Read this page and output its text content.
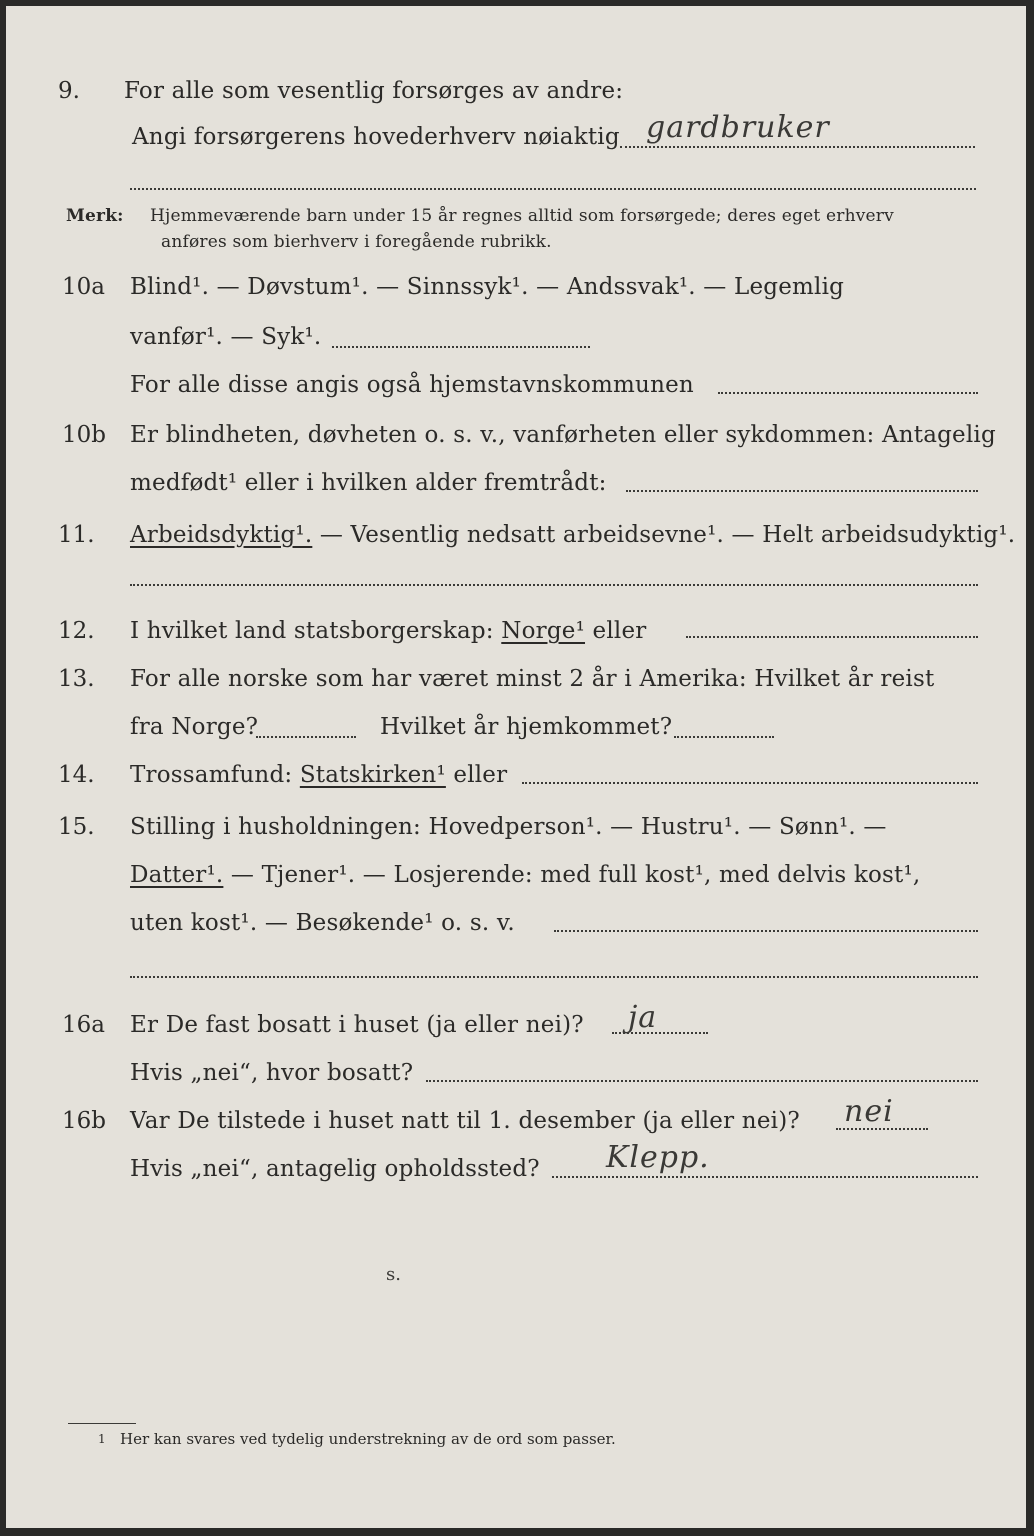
9. For alle som vesentlig forsørges av andre:
Angi forsørgerens hovederhverv nøiaktig gardbruker
Merk: Hjemmeværende barn under 15 år regnes alltid som forsørgede; deres eget erhverv
anføres som bierhverv i foregående rubrikk.
10a Blind¹. — Døvstum¹. — Sinnssyk¹. — Andssvak¹. — Legemlig
vanfør¹. — Syk¹.
For alle disse angis også hjemstavnskommunen
10b Er blindheten, døvheten o. s. v., vanførheten eller sykdommen: Antagelig
medfødt¹ eller i hvilken alder fremtrådt:
11. Arbeidsdyktig¹. — Vesentlig nedsatt arbeidsevne¹. — Helt arbeidsudyktig¹.
12. I hvilket land statsborgerskap: Norge¹ eller
13. For alle norske som har været minst 2 år i Amerika: Hvilket år reist
fra Norge?	Hvilket år hjemkommet?
14. Trossamfund: Statskirken¹ eller
15. Stilling i husholdningen: Hovedperson¹. — Hustru¹. — Sønn¹. —
Datter¹. — Tjener¹. — Losjerende: med full kost¹, med delvis kost¹,
uten kost¹. — Besøkende¹ o. s. v.
16a Er De fast bosatt i huset (ja eller nei)? ja
Hvis „nei“, hvor bosatt?
16b Var De tilstede i huset natt til 1. desember (ja eller nei)? nei
Hvis „nei“, antagelig opholdssted? Klepp.
s.
1 Her kan svares ved tydelig understrekning av de ord som passer.
